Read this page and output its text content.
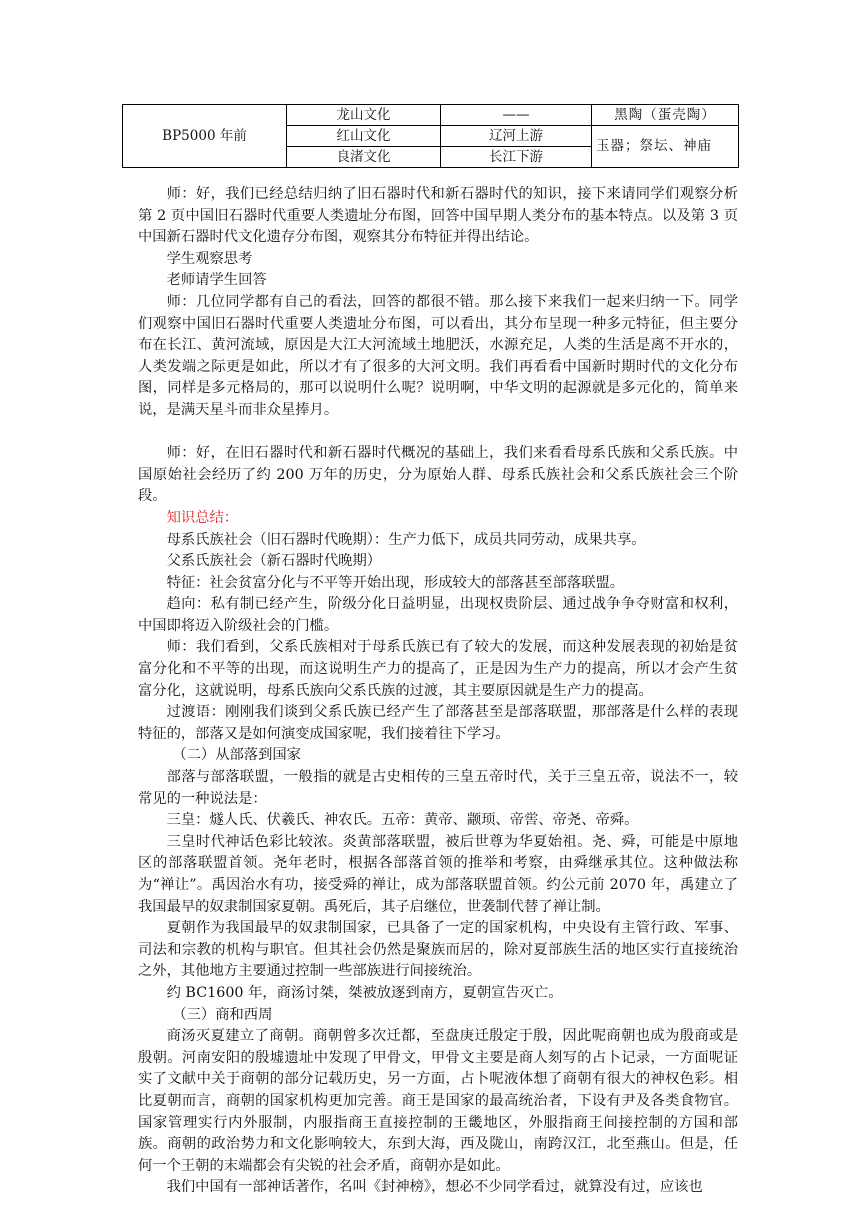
BP5000 年前	龙山文化	——	黑陶（蛋壳陶）
	红山文化	辽河上游	玉器；祭坛、神庙
	良渚文化	长江下游	

师：好，我们已经总结归纳了旧石器时代和新石器时代的知识，接下来请同学们观察分析第 2 页中国旧石器时代重要人类遗址分布图，回答中国早期人类分布的基本特点。以及第 3 页中国新石器时代文化遗存分布图，观察其分布特征并得出结论。

学生观察思考

老师请学生回答

师：几位同学都有自己的看法，回答的都很不错。那么接下来我们一起来归纳一下。同学们观察中国旧石器时代重要人类遗址分布图，可以看出，其分布呈现一种多元特征，但主要分布在长江、黄河流域，原因是大江大河流域土地肥沃，水源充足，人类的生活是离不开水的，人类发端之际更是如此，所以才有了很多的大河文明。我们再看看中国新时期时代的文化分布图，同样是多元格局的，那可以说明什么呢？说明啊，中华文明的起源就是多元化的，简单来说，是满天星斗而非众星捧月。

师：好，在旧石器时代和新石器时代概况的基础上，我们来看看母系氏族和父系氏族。中国原始社会经历了约 200 万年的历史，分为原始人群、母系氏族社会和父系氏族社会三个阶段。

知识总结：

母系氏族社会（旧石器时代晚期）：生产力低下，成员共同劳动，成果共享。

父系氏族社会（新石器时代晚期）

特征：社会贫富分化与不平等开始出现，形成较大的部落甚至部落联盟。

趋向：私有制已经产生，阶级分化日益明显，出现权贵阶层、通过战争争夺财富和权利，中国即将迈入阶级社会的门槛。

师：我们看到，父系氏族相对于母系氏族已有了较大的发展，而这种发展表现的初始是贫富分化和不平等的出现，而这说明生产力的提高了，正是因为生产力的提高，所以才会产生贫富分化，这就说明，母系氏族向父系氏族的过渡，其主要原因就是生产力的提高。

过渡语：刚刚我们谈到父系氏族已经产生了部落甚至是部落联盟，那部落是什么样的表现特征的，部落又是如何演变成国家呢，我们接着往下学习。

（二）从部落到国家

部落与部落联盟，一般指的就是古史相传的三皇五帝时代，关于三皇五帝，说法不一，较常见的一种说法是：

三皇：燧人氏、伏羲氏、神农氏。五帝：黄帝、颛顼、帝喾、帝尧、帝舜。

三皇时代神话色彩比较浓。炎黄部落联盟，被后世尊为华夏始祖。尧、舜，可能是中原地区的部落联盟首领。尧年老时，根据各部落首领的推举和考察，由舜继承其位。这种做法称为“禅让”。禹因治水有功，接受舜的禅让，成为部落联盟首领。约公元前 2070 年，禹建立了我国最早的奴隶制国家夏朝。禹死后，其子启继位，世袭制代替了禅让制。

夏朝作为我国最早的奴隶制国家，已具备了一定的国家机构，中央设有主管行政、军事、司法和宗教的机构与职官。但其社会仍然是聚族而居的，除对夏部族生活的地区实行直接统治之外，其他地方主要通过控制一些部族进行间接统治。

约 BC1600 年，商汤讨桀，桀被放逐到南方，夏朝宣告灭亡。

（三）商和西周

商汤灭夏建立了商朝。商朝曾多次迁都，至盘庚迁殷定于殷，因此呢商朝也成为殷商或是殷朝。河南安阳的殷墟遗址中发现了甲骨文，甲骨文主要是商人刻写的占卜记录，一方面呢证实了文献中关于商朝的部分记载历史，另一方面，占卜呢液体想了商朝有很大的神权色彩。相比夏朝而言，商朝的国家机构更加完善。商王是国家的最高统治者，下设有尹及各类食物官。国家管理实行内外服制，内服指商王直接控制的王畿地区，外服指商王间接控制的方国和部族。商朝的政治势力和文化影响较大，东到大海，西及陇山，南跨汉江，北至燕山。但是，任何一个王朝的末端都会有尖锐的社会矛盾，商朝亦是如此。

我们中国有一部神话著作，名叫《封神榜》，想必不少同学看过，就算没有过，应该也
